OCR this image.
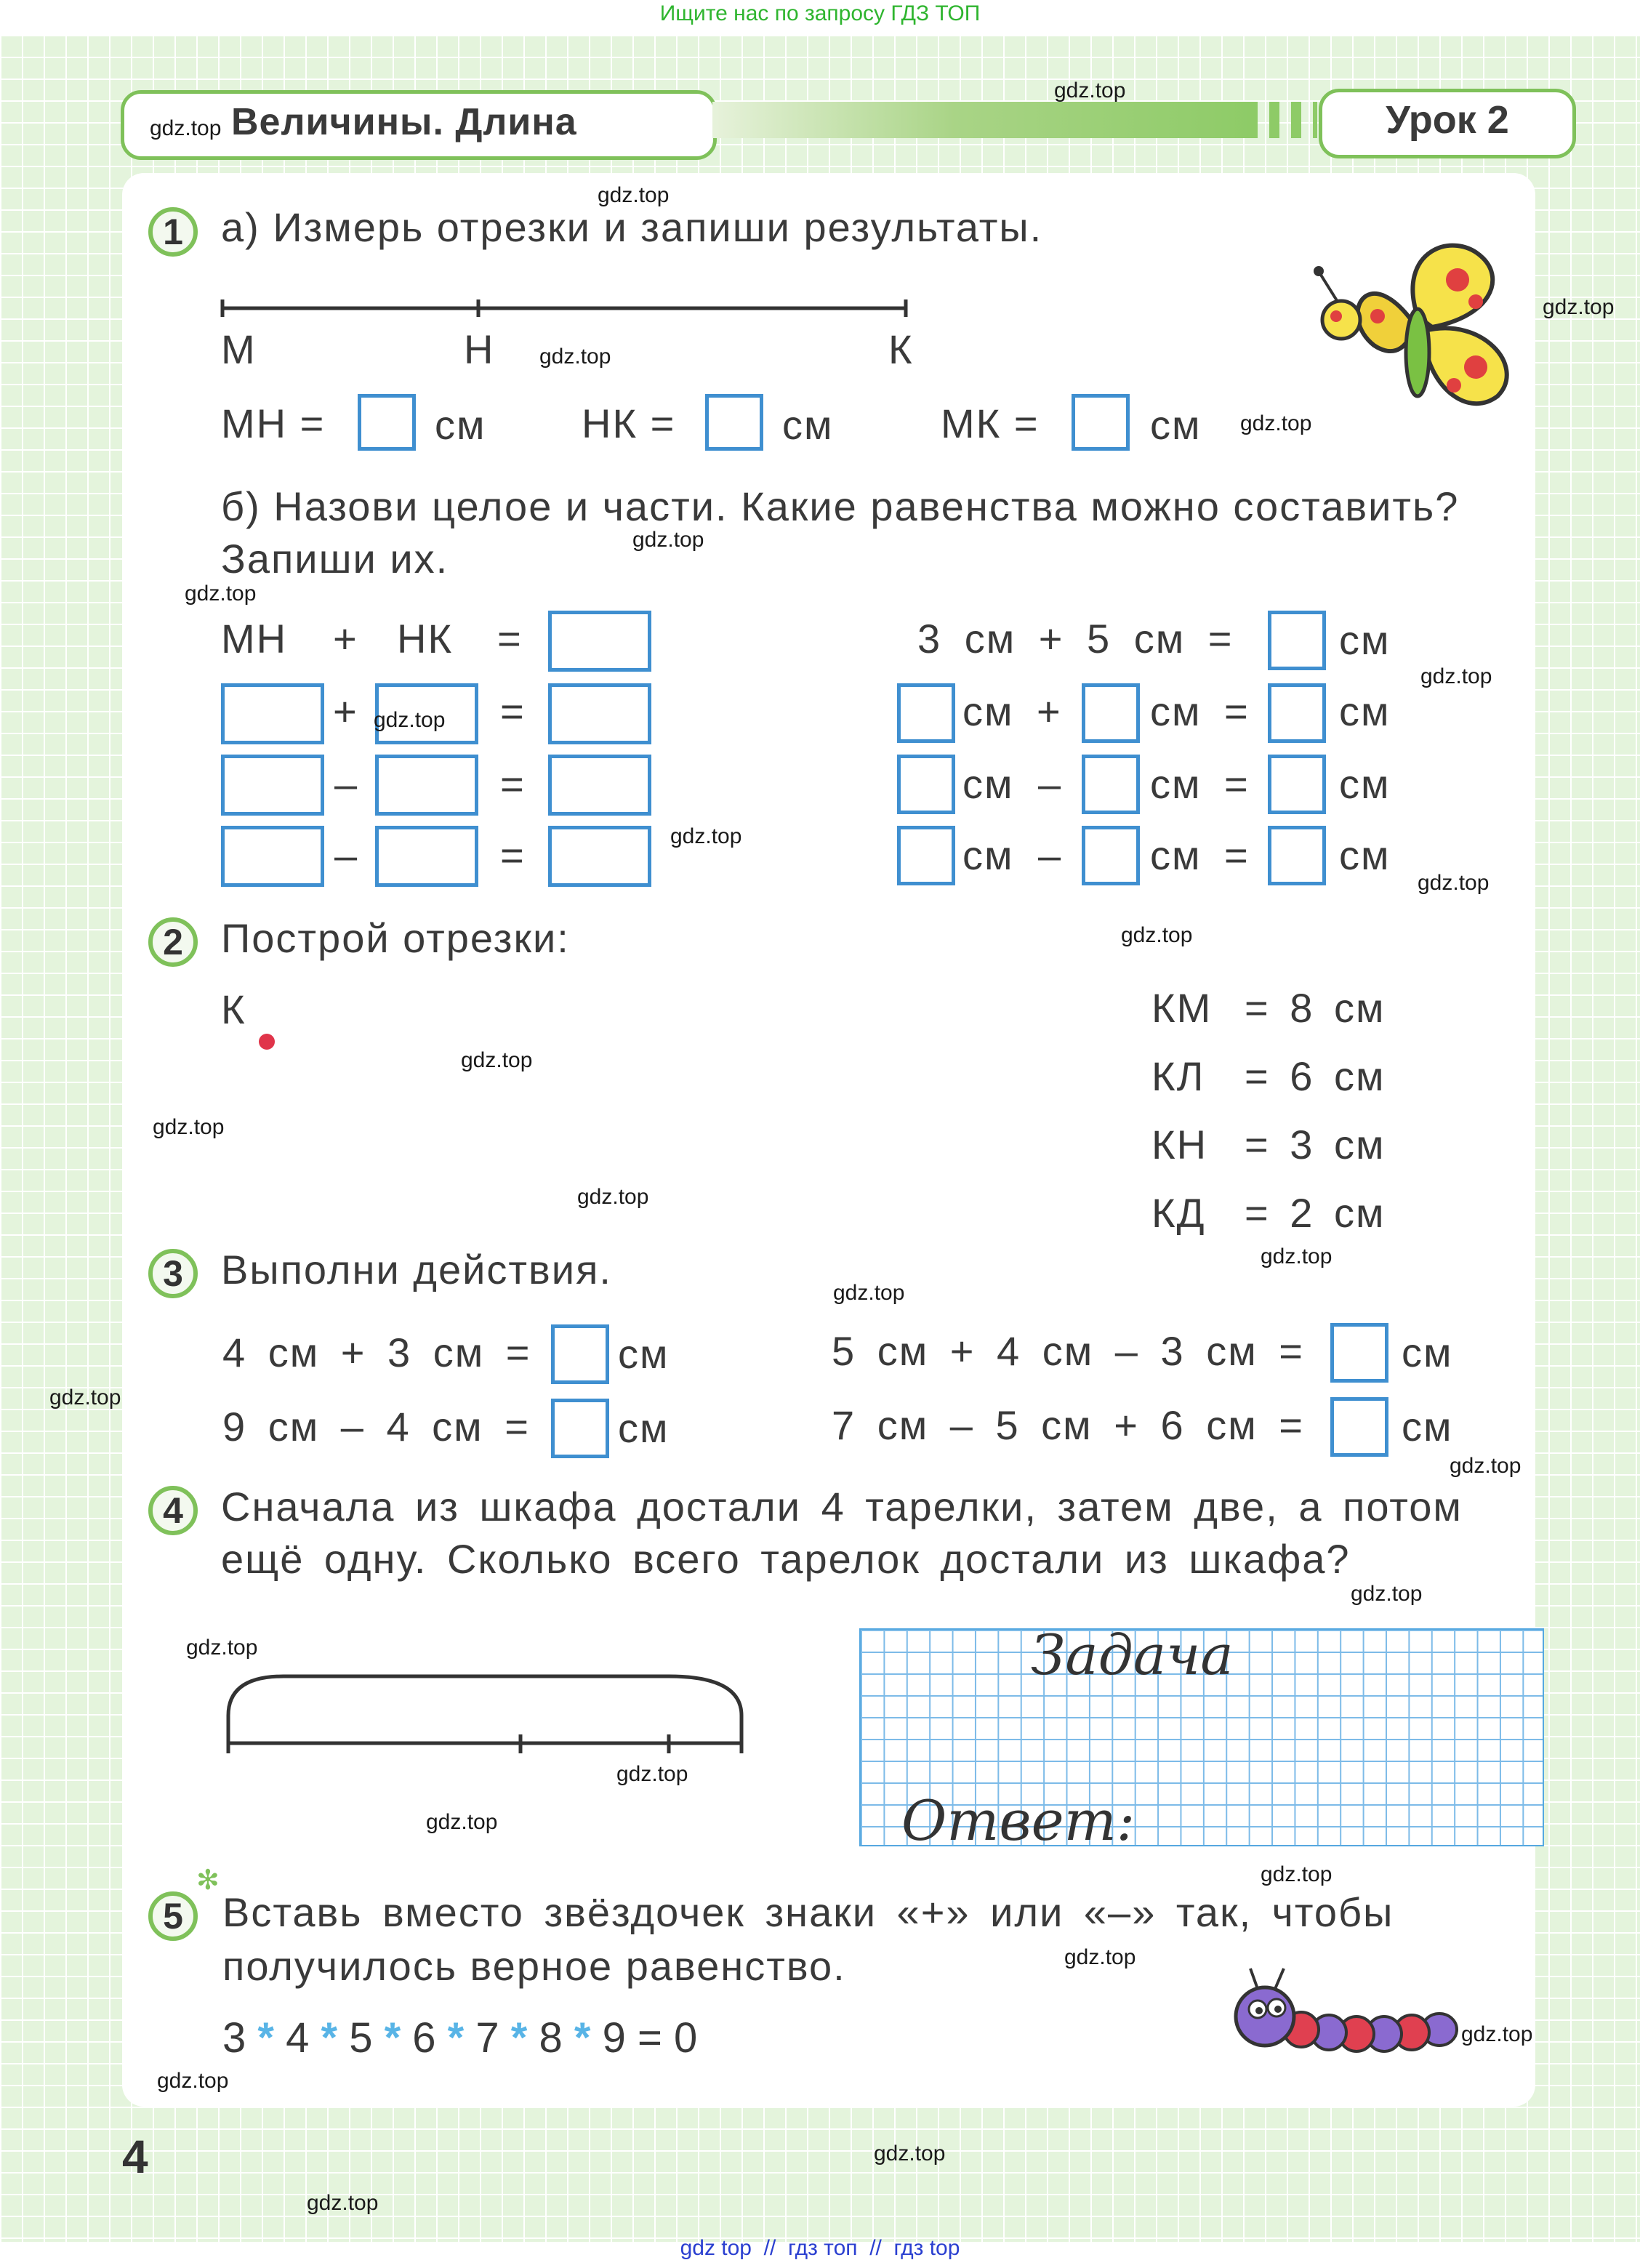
Ищите нас по запросу ГДЗ ТОП
gdz.top Величины. Длина	Урок 2
1 а) Измерь отрезки и запиши результаты.
М	Н	К
МН =	см НК =	см	МК =	см
б) Назови целое и части. Какие равенства можно составить?
Запиши их.
МН + НК =
+	=
–	=
–	=
3 см + 5 см =	см
см + см = см
см – см = см
см – см = см
2 Построй отрезки:
К	КМ = 8 см
КЛ = 6 см
КН = 3 см
КД = 2 см
3 Выполни действия.
4 см + 3 см = см
9 см – 4 см = см
5 см + 4 см – 3 см = см
7 см – 5 см + 6 см = см
4 Сначала из шкафа достали 4 тарелки, затем две, а потом
ещё одну. Сколько всего тарелок достали из шкафа?
Задача
Ответ:
✻
5 Вставь вместо звёздочек знаки «+» или «–» так, чтобы
получилось верное равенство.
3 * 4 * 5 * 6 * 7 * 8 * 9 = 0
4
gdz.top
gdz.top
gdz.top
gdz.top
gdz.top
gdz.top
gdz.top
gdz.top
gdz.top
gdz.top
gdz.top
gdz.top
gdz.top
gdz.top
gdz.top
gdz.top
gdz.top
gdz.top
gdz.top
gdz.top
gdz.top
gdz.top
gdz.top
gdz.top
gdz.top
gdz.top
gdz.top
gdz.top
gdz.top
gdz top  //  гдз топ  //  гдз top
